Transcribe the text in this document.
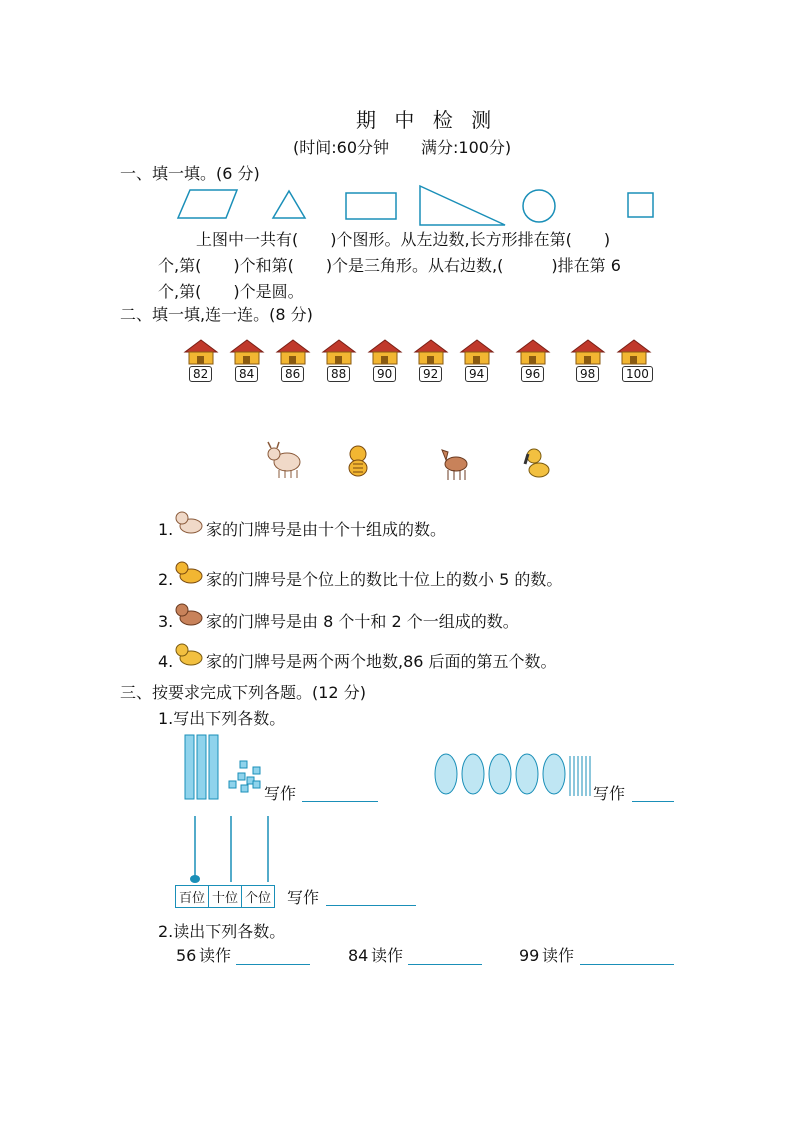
期 中 检 测
(时间:60分钟　　满分:100分)
一、填一填。(6 分)
上图中一共有(　　)个图形。从左边数,长方形排在第(　　)
个,第(　　)个和第(　　)个是三角形。从右边数,(　　　)排在第 6
个,第(　　)个是圆。
二、填一填,连一连。(8 分)
82	84	86	88	90	92	94	96	98	100
1. 家的门牌号是由十个十组成的数。
2. 家的门牌号是个位上的数比十位上的数小 5 的数。
3. 家的门牌号是由 8 个十和 2 个一组成的数。
4. 家的门牌号是两个两个地数,86 后面的第五个数。
三、按要求完成下列各题。(12 分)
1.写出下列各数。
写作	写作
百位 十位 个位 写作
2.读出下列各数。
56 读作	84 读作	99 读作
